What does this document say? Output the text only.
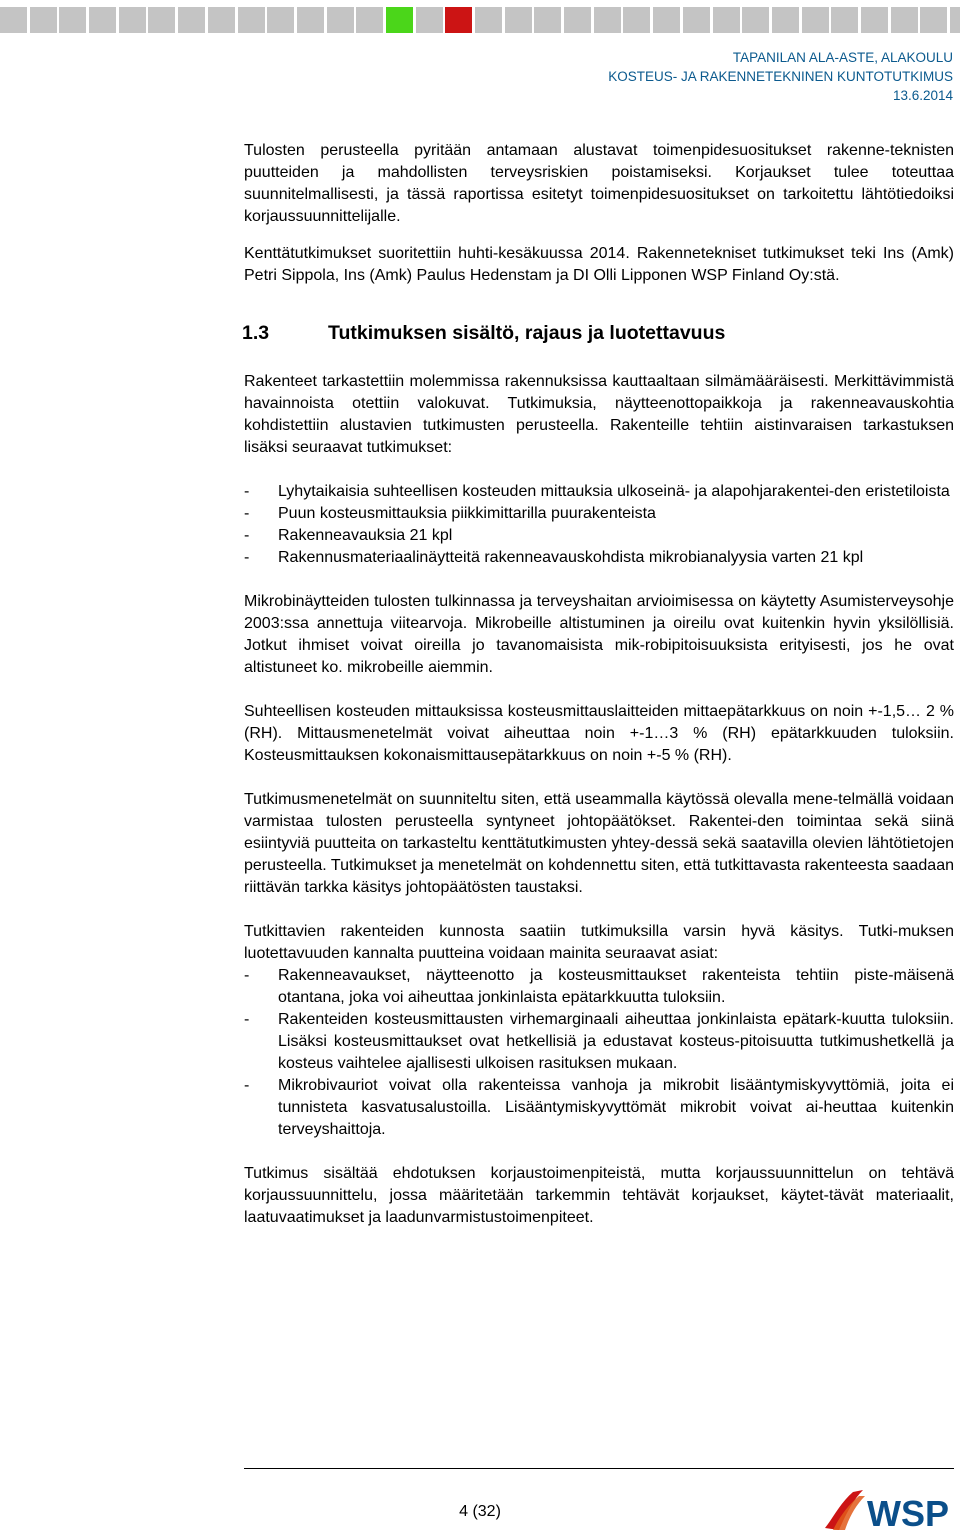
TAPANILAN ALA-ASTE, ALAKOULU
KOSTEUS- JA RAKENNETEKNINEN KUNTOTUTKIMUS
13.6.2014

Tulosten perusteella pyritään antamaan alustavat toimenpidesuositukset rakenne-teknisten puutteiden ja mahdollisten terveysriskien poistamiseksi. Korjaukset tulee toteuttaa suunnitelmallisesti, ja tässä raportissa esitetyt toimenpidesuositukset on tarkoitettu lähtötiedoiksi korjaussuunnittelijalle.

Kenttätutkimukset suoritettiin huhti-kesäkuussa 2014. Rakennetekniset tutkimukset teki Ins (Amk) Petri Sippola, Ins (Amk) Paulus Hedenstam ja DI Olli Lipponen WSP Finland Oy:stä.

1.3	Tutkimuksen sisältö, rajaus ja luotettavuus

Rakenteet tarkastettiin molemmissa rakennuksissa kauttaaltaan silmämääräisesti. Merkittävimmistä havainnoista otettiin valokuvat. Tutkimuksia, näytteenottopaikkoja ja rakenneavauskohtia kohdistettiin alustavien tutkimusten perusteella. Rakenteille tehtiin aistinvaraisen tarkastuksen lisäksi seuraavat tutkimukset:

- Lyhytaikaisia suhteellisen kosteuden mittauksia ulkoseinä- ja alapohjarakentei-den eristetiloista
- Puun kosteusmittauksia piikkimittarilla puurakenteista
- Rakenneavauksia 21 kpl
- Rakennusmateriaalinäytteitä rakenneavauskohdista mikrobianalyysia varten 21 kpl

Mikrobinäytteiden tulosten tulkinnassa ja terveyshaitan arvioimisessa on käytetty Asumisterveysohje 2003:ssa annettuja viitearvoja. Mikrobeille altistuminen ja oireilu ovat kuitenkin hyvin yksilöllisiä. Jotkut ihmiset voivat oireilla jo tavanomaisista mik-robipitoisuuksista erityisesti, jos he ovat altistuneet ko. mikrobeille aiemmin.

Suhteellisen kosteuden mittauksissa kosteusmittauslaitteiden mittaepätarkkuus on noin +-1,5… 2 % (RH). Mittausmenetelmät voivat aiheuttaa noin +-1…3 % (RH) epätarkkuuden tuloksiin. Kosteusmittauksen kokonaismittausepätarkkuus on noin +-5 % (RH).

Tutkimusmenetelmät on suunniteltu siten, että useammalla käytössä olevalla mene-telmällä voidaan varmistaa tulosten perusteella syntyneet johtopäätökset. Rakentei-den toimintaa sekä siinä esiintyviä puutteita on tarkasteltu kenttätutkimusten yhtey-dessä sekä saatavilla olevien lähtötietojen perusteella. Tutkimukset ja menetelmät on kohdennettu siten, että tutkittavasta rakenteesta saadaan riittävän tarkka käsitys johtopäätösten taustaksi.

Tutkittavien rakenteiden kunnosta saatiin tutkimuksilla varsin hyvä käsitys. Tutki-muksen luotettavuuden kannalta puutteina voidaan mainita seuraavat asiat:

- Rakenneavaukset, näytteenotto ja kosteusmittaukset rakenteista tehtiin piste-mäisenä otantana, joka voi aiheuttaa jonkinlaista epätarkkuutta tuloksiin.
- Rakenteiden kosteusmittausten virhemarginaali aiheuttaa jonkinlaista epätark-kuutta tuloksiin. Lisäksi kosteusmittaukset ovat hetkellisiä ja edustavat kosteus-pitoisuutta tutkimushetkellä ja kosteus vaihtelee ajallisesti ulkoisen rasituksen mukaan.
- Mikrobivauriot voivat olla rakenteissa vanhoja ja mikrobit lisääntymiskyvyttömiä, joita ei tunnisteta kasvatusalustoilla. Lisääntymiskyvyttömät mikrobit voivat ai-heuttaa kuitenkin terveyshaittoja.

Tutkimus sisältää ehdotuksen korjaustoimenpiteistä, mutta korjaussuunnittelun on tehtävä korjaussuunnittelu, jossa määritetään tarkemmin tehtävät korjaukset, käytet-tävät materiaalit, laatuvaatimukset ja laadunvarmistustoimenpiteet.

4 (32)	WSP
